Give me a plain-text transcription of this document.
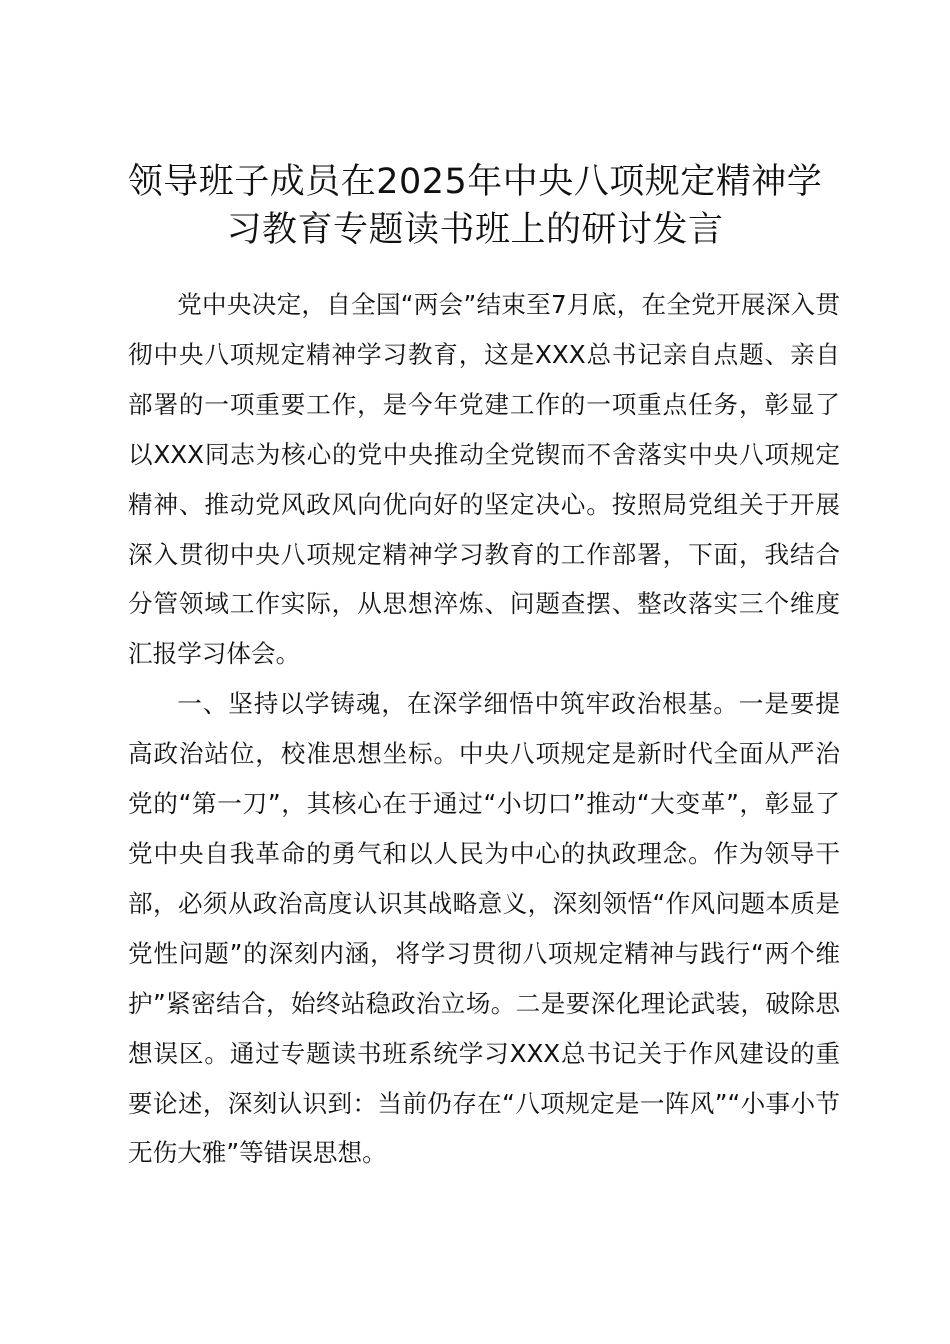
领导班子成员在2025年中央八项规定精神学习教育专题读书班上的研讨发言

党中央决定，自全国“两会”结束至7月底，在全党开展深入贯彻中央八项规定精神学习教育，这是XXX总书记亲自点题、亲自部署的一项重要工作，是今年党建工作的一项重点任务，彰显了以XXX同志为核心的党中央推动全党锲而不舍落实中央八项规定精神、推动党风政风向优向好的坚定决心。按照局党组关于开展深入贯彻中央八项规定精神学习教育的工作部署，下面，我结合分管领域工作实际，从思想淬炼、问题查摆、整改落实三个维度汇报学习体会。

一、坚持以学铸魂，在深学细悟中筑牢政治根基。一是要提高政治站位，校准思想坐标。中央八项规定是新时代全面从严治党的“第一刀”，其核心在于通过“小切口”推动“大变革”，彰显了党中央自我革命的勇气和以人民为中心的执政理念。作为领导干部，必须从政治高度认识其战略意义，深刻领悟“作风问题本质是党性问题”的深刻内涵，将学习贯彻八项规定精神与践行“两个维护”紧密结合，始终站稳政治立场。二是要深化理论武装，破除思想误区。通过专题读书班系统学习XXX总书记关于作风建设的重要论述，深刻认识到：当前仍存在“八项规定是一阵风”“小事小节无伤大雅”等错误思想。
